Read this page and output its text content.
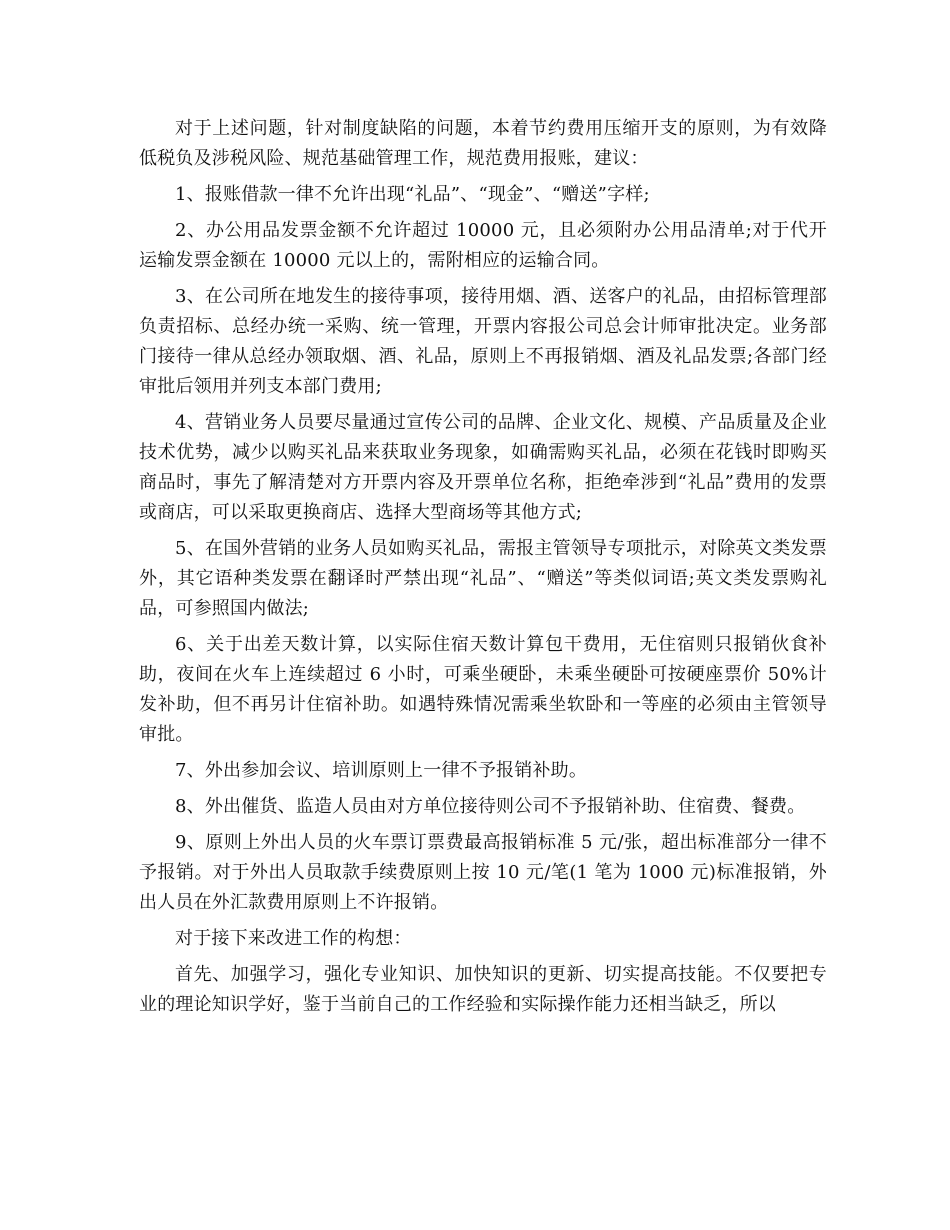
对于上述问题，针对制度缺陷的问题，本着节约费用压缩开支的原则，为有效降低税负及涉税风险、规范基础管理工作，规范费用报账，建议：

1、报账借款一律不允许出现“礼品”、“现金”、“赠送”字样;

2、办公用品发票金额不允许超过 10000 元，且必须附办公用品清单;对于代开运输发票金额在 10000 元以上的，需附相应的运输合同。

3、在公司所在地发生的接待事项，接待用烟、酒、送客户的礼品，由招标管理部负责招标、总经办统一采购、统一管理，开票内容报公司总会计师审批决定。业务部门接待一律从总经办领取烟、酒、礼品，原则上不再报销烟、酒及礼品发票;各部门经审批后领用并列支本部门费用;

4、营销业务人员要尽量通过宣传公司的品牌、企业文化、规模、产品质量及企业技术优势，减少以购买礼品来获取业务现象，如确需购买礼品，必须在花钱时即购买商品时，事先了解清楚对方开票内容及开票单位名称，拒绝牵涉到“礼品”费用的发票或商店，可以采取更换商店、选择大型商场等其他方式;

5、在国外营销的业务人员如购买礼品，需报主管领导专项批示，对除英文类发票外，其它语种类发票在翻译时严禁出现“礼品”、“赠送”等类似词语;英文类发票购礼品，可参照国内做法;

6、关于出差天数计算，以实际住宿天数计算包干费用，无住宿则只报销伙食补助，夜间在火车上连续超过 6 小时，可乘坐硬卧，未乘坐硬卧可按硬座票价 50%计发补助，但不再另计住宿补助。如遇特殊情况需乘坐软卧和一等座的必须由主管领导审批。

7、外出参加会议、培训原则上一律不予报销补助。

8、外出催货、监造人员由对方单位接待则公司不予报销补助、住宿费、餐费。

9、原则上外出人员的火车票订票费最高报销标准 5 元/张，超出标准部分一律不予报销。对于外出人员取款手续费原则上按 10 元/笔(1 笔为 1000 元)标准报销，外出人员在外汇款费用原则上不许报销。

对于接下来改进工作的构想：

首先、加强学习，强化专业知识、加快知识的更新、切实提高技能。不仅要把专业的理论知识学好，鉴于当前自己的工作经验和实际操作能力还相当缺乏，所以
